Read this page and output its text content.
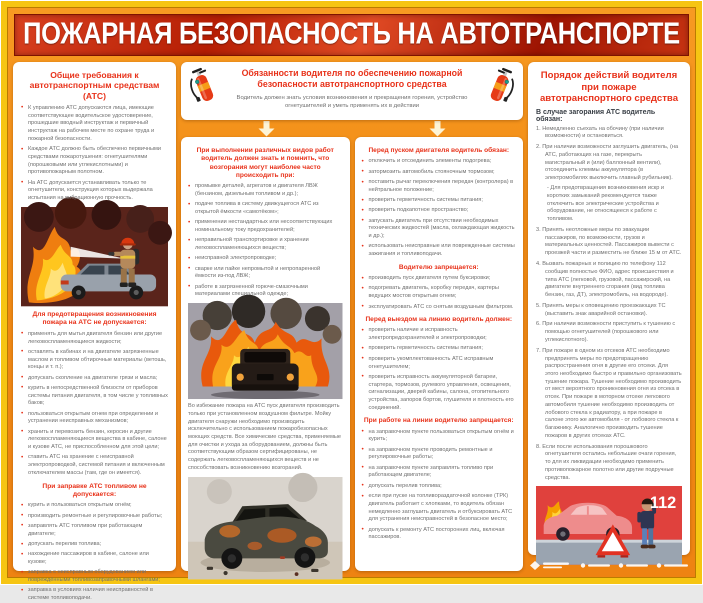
ПОЖАРНАЯ БЕЗОПАСНОСТЬ НА АВТОТРАНСПОРТЕ
Общие требования к автотранспортным средствам (АТС)
• К управлению АТС допускаются лица, имеющие соответствующее водительское удостоверение, прошедшие вводный инструктаж и первичный инструктаж на рабочем месте по охране труда и пожарной безопасности.
• Каждое АТС должно быть обеспечено первичными средствами пожаротушения: огнетушителями (порошковыми или углекислотными) и противопожарным полотном.
• На АТС допускается устанавливать только те огнетушители, конструкция которых выдержала испытания на вибрационную прочность.
Для предотвращения возникновения пожара на АТС не допускается:
• применять для мытья двигателя бензин или другие легковоспламеняющиеся жидкости;
• оставлять в кабинах и на двигателе загрязненные маслом и топливом обтирочные материалы (ветошь, концы и т. п.);
• допускать скопление на двигателе грязи и масла;
• курить в непосредственной близости от приборов системы питания двигателя, в том числе у топливных баков;
• пользоваться открытым огнем при определении и устранении неисправных механизмов;
• хранить и перевозить бензин, керосин и другие легковоспламеняющиеся вещества в кабине, салоне и кузове АТС, не приспособленном для этой цели;
• ставить АТС на хранение с неисправной электропроводкой, системой питания и включенным отключателем массы (там, где он имеется).
При заправке АТС топливом не допускается:
• курить и пользоваться открытым огнём;
• производить ремонтные и регулировочные работы;
• заправлять АТС топливом при работающем двигателе;
• допускать перелив топлива;
• нахождение пассажиров в кабине, салоне или кузове;
• заправка с неисправным оборудованием или повреждёнными топливозаправочными шлангами;
• заправка в условиях наличия неисправностей в системе топливоподачи.
Обязанности водителя по обеспечению пожарной безопасности автотранспортного средства

Водитель должен знать условия возникновения и прекращения горения, устройство огнетушителей и уметь применять их в действии

При выполнении различных видов работ водитель должен знать и помнить, что возгорания могут наиболее часто происходить при:
• промывке деталей, агрегатов и двигателя ЛВЖ (бензином, дизельным топливом и др.);
• подаче топлива в систему движущегося АТС из открытой ёмкости «самотёком»;
• применении нестандартных или несоответствующих номинальному току предохранителей;
• неправильной транспортировке и хранении легковоспламеняющихся веществ;
• неисправной электропроводке;
• сварке или пайке непромытой и непропаренной ёмкости из-под ЛВЖ;
• работе в загрязненной горюче-смазочными материалами специальной одежде;

Во избежание пожара на АТС пуск двигателя производить только при установленном воздушном фильтре. Мойку двигателя снаружи необходимо производить исключительно с использованием пожаробезопасных моющих средств. Все химические средства, применяемые для очистки и ухода за оборудованием, должны быть соответствующим образом сертифицированы, не содержать легковоспламеняющихся веществ и не способствовать возникновению возгораний.

Перед пуском двигателя водитель обязан:
• отключить и отсоединить элементы подогрева;
• затормозить автомобиль стояночным тормозом;
• поставить рычаг переключения передач (контролера) в нейтральное положение;
• проверить герметичность системы питания;
• проверить подкапотное пространство;
• запускать двигатель при отсутствии необходимых технических жидкостей (масла, охлаждающая жидкость и др.);
• использовать неисправные или поврежденные системы зажигания и топливоподачи.
Водителю запрещается:
• производить пуск двигателя путем буксировки;
• подогревать двигатель, коробку передач, картеры ведущих мостов открытым огнем;
• эксплуатировать АТС со снятым воздушным фильтром.
Перед выездом на линию водитель должен:
• проверить наличие и исправность электропредохранителей и электропроводки;
• проверить герметичность системы питания;
• проверить укомплектованность АТС исправным огнетушителем;
• проверить исправность аккумуляторной батареи, стартера, тормозов, рулевого управления, освещения, сигнализации, дверей кабины, салона, отопительного устройства, запоров бортов, глушителя и плотность его соединений.
При работе на линии водителю запрещается:
• на заправочном пункте пользоваться открытым огнём и курить;
• на заправочном пункте проводить ремонтные и регулировочные работы;
• на заправочном пункте заправлять топливо при работающем двигателе;
• допускать перелив топлива;
• если при пуске на топливораздаточной колонке (ТРК) двигатель работает с хлопками, то водитель обязан немедленно заглушить двигатель и отбуксировать АТС для устранения неисправностей в безопасное место;
• допускать к ремонту АТС посторонних лиц, включая пассажиров.
Порядок действий водителя при пожаре автотранспортного средства
В случае загорания АТС водитель обязан:
Немедленно съехать на обочину (при наличии возможности) и остановиться.
При наличии возможности заглушить двигатель, (на АТС, работающих на газе, перекрыть магистральный и (или) баллонный вентили), отсоединить клеммы аккумулятора (в электромобилях выключить главный рубильник).
- Для предотвращения возникновения искр и коротких замыканий рекомендуется также отключить все электрические устройства и оборудование, не относящееся к работе с топливом.
Принять неотложные меры по эвакуации пассажиров, по возможности, грузов и материальных ценностей. Пассажиров вывести с проезжей части и разместить не ближе 15 м от АТС.
Вызвать пожарных и полицию по телефону 112 сообщив полностью ФИО, адрес происшествия и типа АТС (легковой, грузовой, пассажирский, на двигателе внутреннего сгорания (вид топлива бензин, газ, ДТ), электромобиль, на водороде).
Принять меры к оповещению проезжающих ТС (выставить знак аварийной остановки).
При наличии возможности приступить к тушению с помощью огнетушителей (порошкового или углекислотного).
При пожаре в одном из отсеков АТС необходимо предпринять меры по предотвращению распространения огня в другие его отсеки. Для этого необходимо быстро и правильно организовать тушение пожара. Тушение необходимо производить от мест вероятного проникновения огня из отсека в отсек. При пожаре в моторном отсеке легкового автомобиля тушение необходимо производить от лобового стекла к радиатору, а при пожаре в салоне этого же автомобиля - от лобового стекла к багажнику. Аналогично производить тушение пожаров в других отсеках АТС.
Если после использования порошкового огнетушителя остались небольшие очаги горения, то для их ликвидации необходимо применить противопожарное полотно или другие подручные средства.
112
